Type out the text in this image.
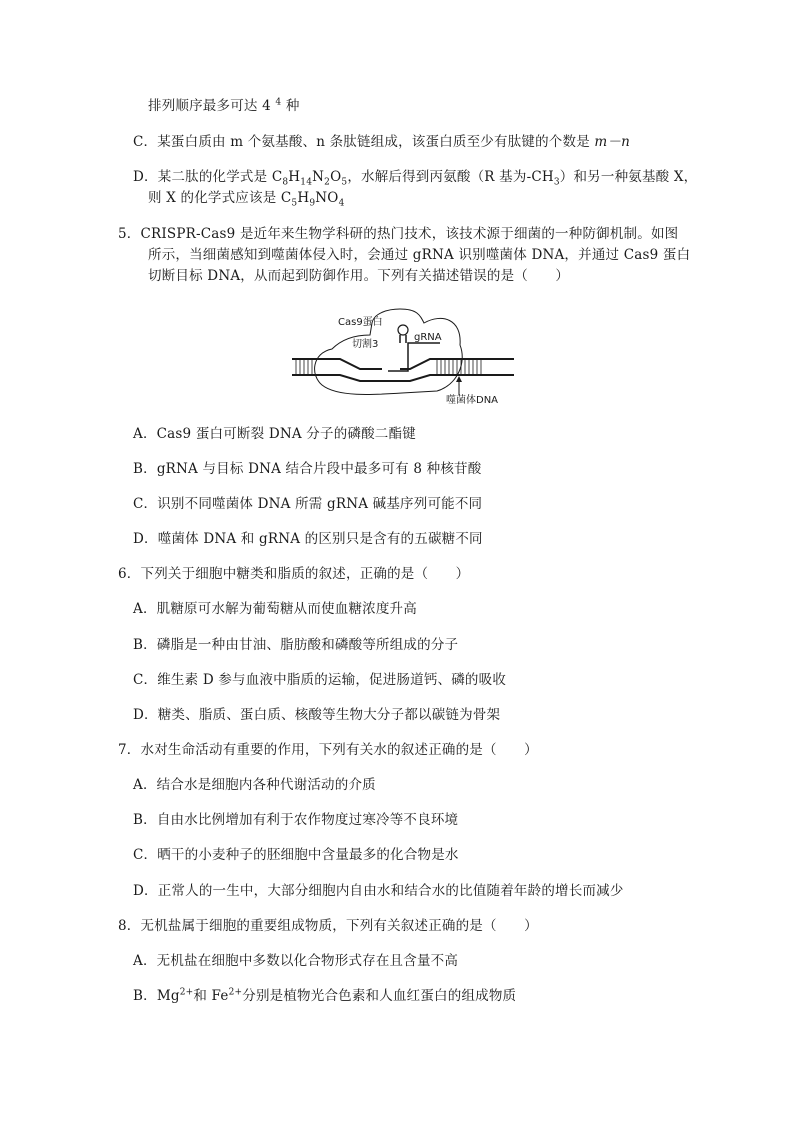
排列顺序最多可达 4 $^4$ 种
C．某蛋白质由 m 个氨基酸、n 条肽链组成，该蛋白质至少有肽键的个数是 m－n
D．某二肽的化学式是 $C_8H_{14}N_2O_5$，水解后得到丙氨酸（R 基为$-CH_3$）和另一种氨基酸 X，
则 X 的化学式应该是 $C_5H_9NO_4$
5．CRISPR-Cas9 是近年来生物学科研的热门技术，该技术源于细菌的一种防御机制。如图
所示，当细菌感知到噬菌体侵入时，会通过 gRNA 识别噬菌体 DNA，并通过 Cas9 蛋白
切断目标 DNA，从而起到防御作用。下列有关描述错误的是（　　）
Cas9蛋白
切割3
gRNA
噬菌体DNA
A．Cas9 蛋白可断裂 DNA 分子的磷酸二酯键
B．gRNA 与目标 DNA 结合片段中最多可有 8 种核苷酸
C．识别不同噬菌体 DNA 所需 gRNA 碱基序列可能不同
D．噬菌体 DNA 和 gRNA 的区别只是含有的五碳糖不同
6．下列关于细胞中糖类和脂质的叙述，正确的是（　　）
A．肌糖原可水解为葡萄糖从而使血糖浓度升高
B．磷脂是一种由甘油、脂肪酸和磷酸等所组成的分子
C．维生素 D 参与血液中脂质的运输，促进肠道钙、磷的吸收
D．糖类、脂质、蛋白质、核酸等生物大分子都以碳链为骨架
7．水对生命活动有重要的作用，下列有关水的叙述正确的是（　　）
A．结合水是细胞内各种代谢活动的介质
B．自由水比例增加有利于农作物度过寒冷等不良环境
C．晒干的小麦种子的胚细胞中含量最多的化合物是水
D．正常人的一生中，大部分细胞内自由水和结合水的比值随着年龄的增长而减少
8．无机盐属于细胞的重要组成物质，下列有关叙述正确的是（　　）
A．无机盐在细胞中多数以化合物形式存在且含量不高
B．$Mg^{2+}$和 $Fe^{2+}$分别是植物光合色素和人血红蛋白的组成物质
